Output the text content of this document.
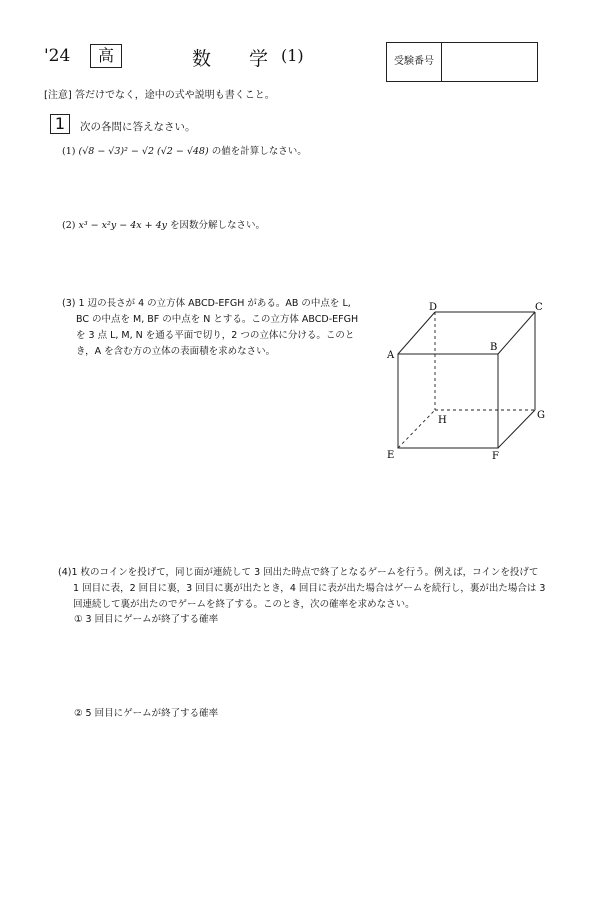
'24	高	数 学
(1)	受験番号
[注意] 答だけでなく，途中の式や説明も書くこと。
1	次の各問に答えなさい。
(1) (√8 − √3)² − √2 (√2 − √48) の値を計算しなさい。
(2) x³ − x²y − 4x + 4y を因数分解しなさい。
(3) 1 辺の長さが 4 の立方体 ABCD-EFGH がある。AB の中点を L,
BC の中点を M, BF の中点を N とする。この立方体 ABCD-EFGH
を 3 点 L, M, N を通る平面で切り，2 つの立体に分ける。このと
き，A を含む方の立体の表面積を求めなさい。	A
B
C
D
E	F
G
H
(4)1 枚のコインを投げて，同じ面が連続して 3 回出た時点で終了となるゲームを行う。例えば，コインを投げて
1 回目に表，2 回目に裏，3 回目に裏が出たとき，4 回目に表が出た場合はゲームを続行し，裏が出た場合は 3
回連続して裏が出たのでゲームを終了する。このとき，次の確率を求めなさい。
① 3 回目にゲームが終了する確率
② 5 回目にゲームが終了する確率
